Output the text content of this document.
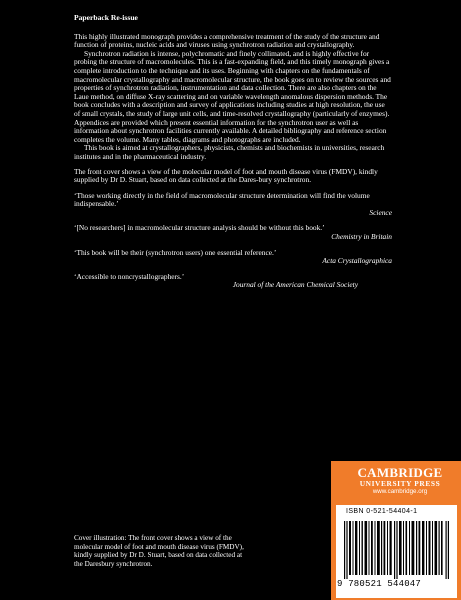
Paperback Re-issue

This highly illustrated monograph provides a comprehensive treatment of the study of the structure and function of proteins, nucleic acids and viruses using synchrotron radiation and crystallography.

Synchrotron radiation is intense, polychromatic and finely collimated, and is highly effective for probing the structure of macromolecules. This is a fast-expanding field, and this timely monograph gives a complete introduction to the technique and its uses. Beginning with chapters on the fundamentals of macromolecular crystallography and macromolecular structure, the book goes on to review the sources and properties of synchrotron radiation, instrumentation and data collection. There are also chapters on the Laue method, on diffuse X-ray scattering and on variable wavelength anomalous dispersion methods. The book concludes with a description and survey of applications including studies at high resolution, the use of small crystals, the study of large unit cells, and time-resolved crystallography (particularly of enzymes). Appendices are provided which present essential information for the synchrotron user as well as information about synchrotron facilities currently available. A detailed bibliography and reference section completes the volume. Many tables, diagrams and photographs are included.

This book is aimed at crystallographers, physicists, chemists and biochemists in universities, research institutes and in the pharmaceutical industry.

The front cover shows a view of the molecular model of foot and mouth disease virus (FMDV), kindly supplied by Dr D. Stuart, based on data collected at the Dares-bury synchrotron.

‘Those working directly in the field of macromolecular structure determination will find the volume indispensable.’

Science

‘[No researchers] in macromolecular structure analysis should be without this book.’

Chemistry in Britain

‘This book will be their (synchrotron users) one essential reference.’

Acta Crystallographica

‘Accessible to noncrystallographers.’

Journal of the American Chemical Society

Cover illustration: The front cover shows a view of the molecular model of foot and mouth disease virus (FMDV), kindly supplied by Dr D. Stuart, based on data collected at the Daresbury synchrotron.

CAMBRIDGE
UNIVERSITY PRESS
www.cambridge.org
ISBN 0-521-54404-1
9 780521 544047
